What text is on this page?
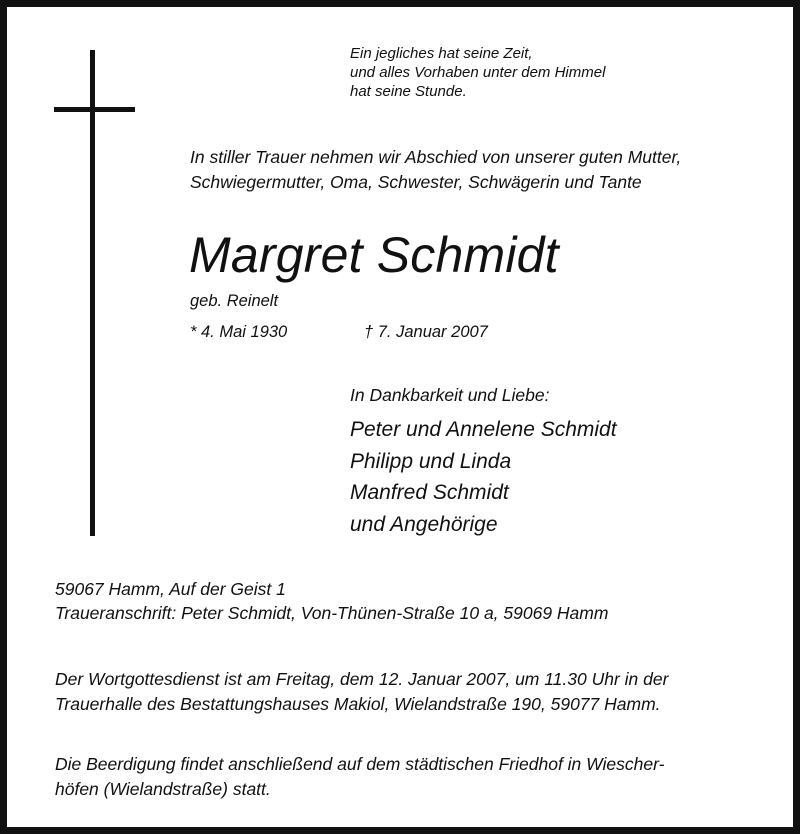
Ein jegliches hat seine Zeit,
und alles Vorhaben unter dem Himmel
hat seine Stunde.
In stiller Trauer nehmen wir Abschied von unserer guten Mutter,
Schwiegermutter, Oma, Schwester, Schwägerin und Tante
Margret Schmidt
geb. Reinelt
* 4. Mai 1930	† 7. Januar 2007
In Dankbarkeit und Liebe:
Peter und Annelene Schmidt
Philipp und Linda
Manfred Schmidt
und Angehörige
59067 Hamm, Auf der Geist 1
Traueranschrift: Peter Schmidt, Von-Thünen-Straße 10 a, 59069 Hamm
Der Wortgottesdienst ist am Freitag, dem 12. Januar 2007, um 11.30 Uhr in der
Trauerhalle des Bestattungshauses Makiol, Wielandstraße 190, 59077 Hamm.
Die Beerdigung findet anschließend auf dem städtischen Friedhof in Wiescher-
höfen (Wielandstraße) statt.
